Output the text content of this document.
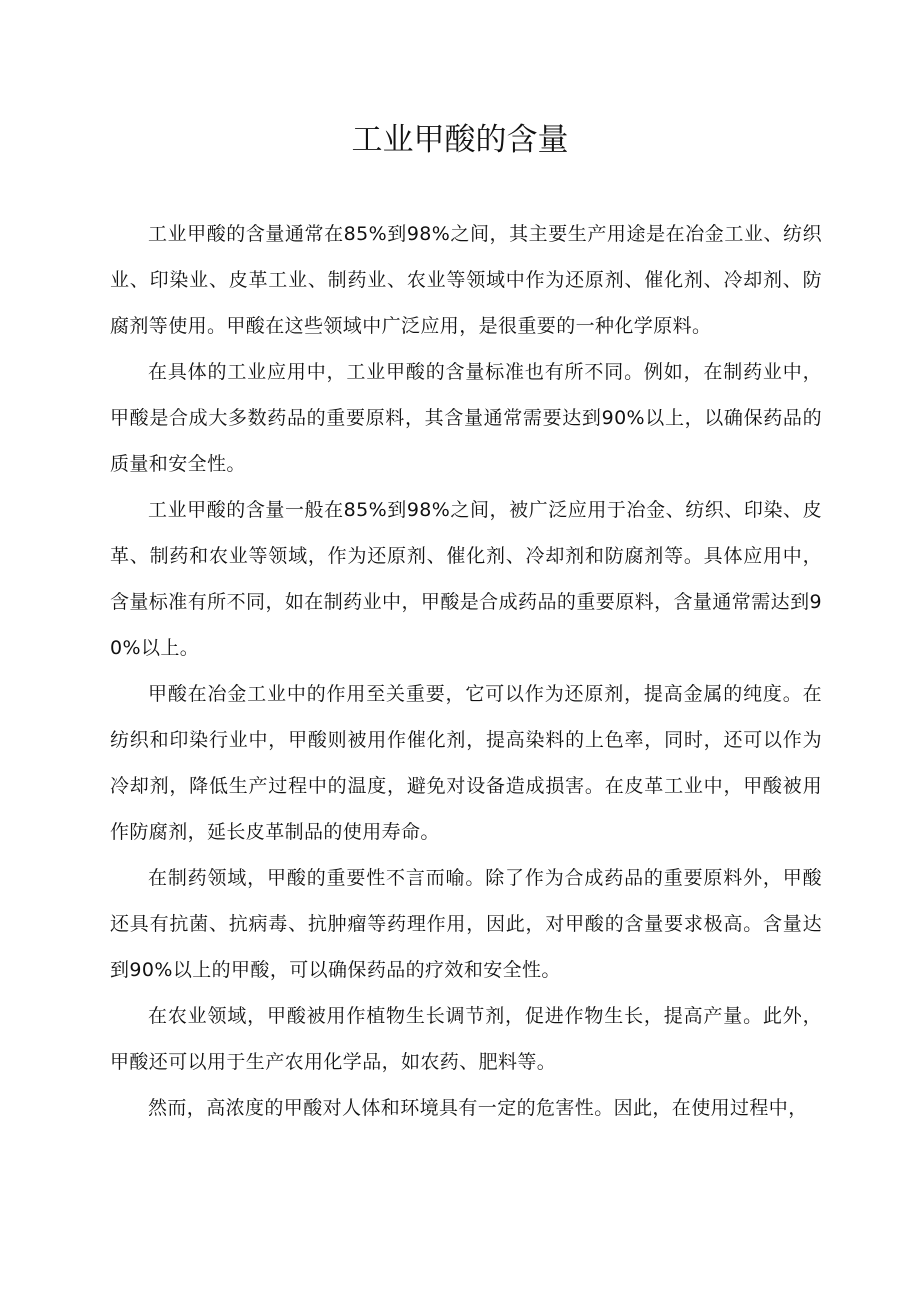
工业甲酸的含量

工业甲酸的含量通常在85%到98%之间，其主要生产用途是在冶金工业、纺织业、印染业、皮革工业、制药业、农业等领域中作为还原剂、催化剂、冷却剂、防腐剂等使用。甲酸在这些领域中广泛应用，是很重要的一种化学原料。

在具体的工业应用中，工业甲酸的含量标准也有所不同。例如，在制药业中，甲酸是合成大多数药品的重要原料，其含量通常需要达到90%以上，以确保药品的质量和安全性。

工业甲酸的含量一般在85%到98%之间，被广泛应用于冶金、纺织、印染、皮革、制药和农业等领域，作为还原剂、催化剂、冷却剂和防腐剂等。具体应用中，含量标准有所不同，如在制药业中，甲酸是合成药品的重要原料，含量通常需达到90%以上。

甲酸在冶金工业中的作用至关重要，它可以作为还原剂，提高金属的纯度。在纺织和印染行业中，甲酸则被用作催化剂，提高染料的上色率，同时，还可以作为冷却剂，降低生产过程中的温度，避免对设备造成损害。在皮革工业中，甲酸被用作防腐剂，延长皮革制品的使用寿命。

在制药领域，甲酸的重要性不言而喻。除了作为合成药品的重要原料外，甲酸还具有抗菌、抗病毒、抗肿瘤等药理作用，因此，对甲酸的含量要求极高。含量达到90%以上的甲酸，可以确保药品的疗效和安全性。

在农业领域，甲酸被用作植物生长调节剂，促进作物生长，提高产量。此外，甲酸还可以用于生产农用化学品，如农药、肥料等。

然而，高浓度的甲酸对人体和环境具有一定的危害性。因此，在使用过程中，
